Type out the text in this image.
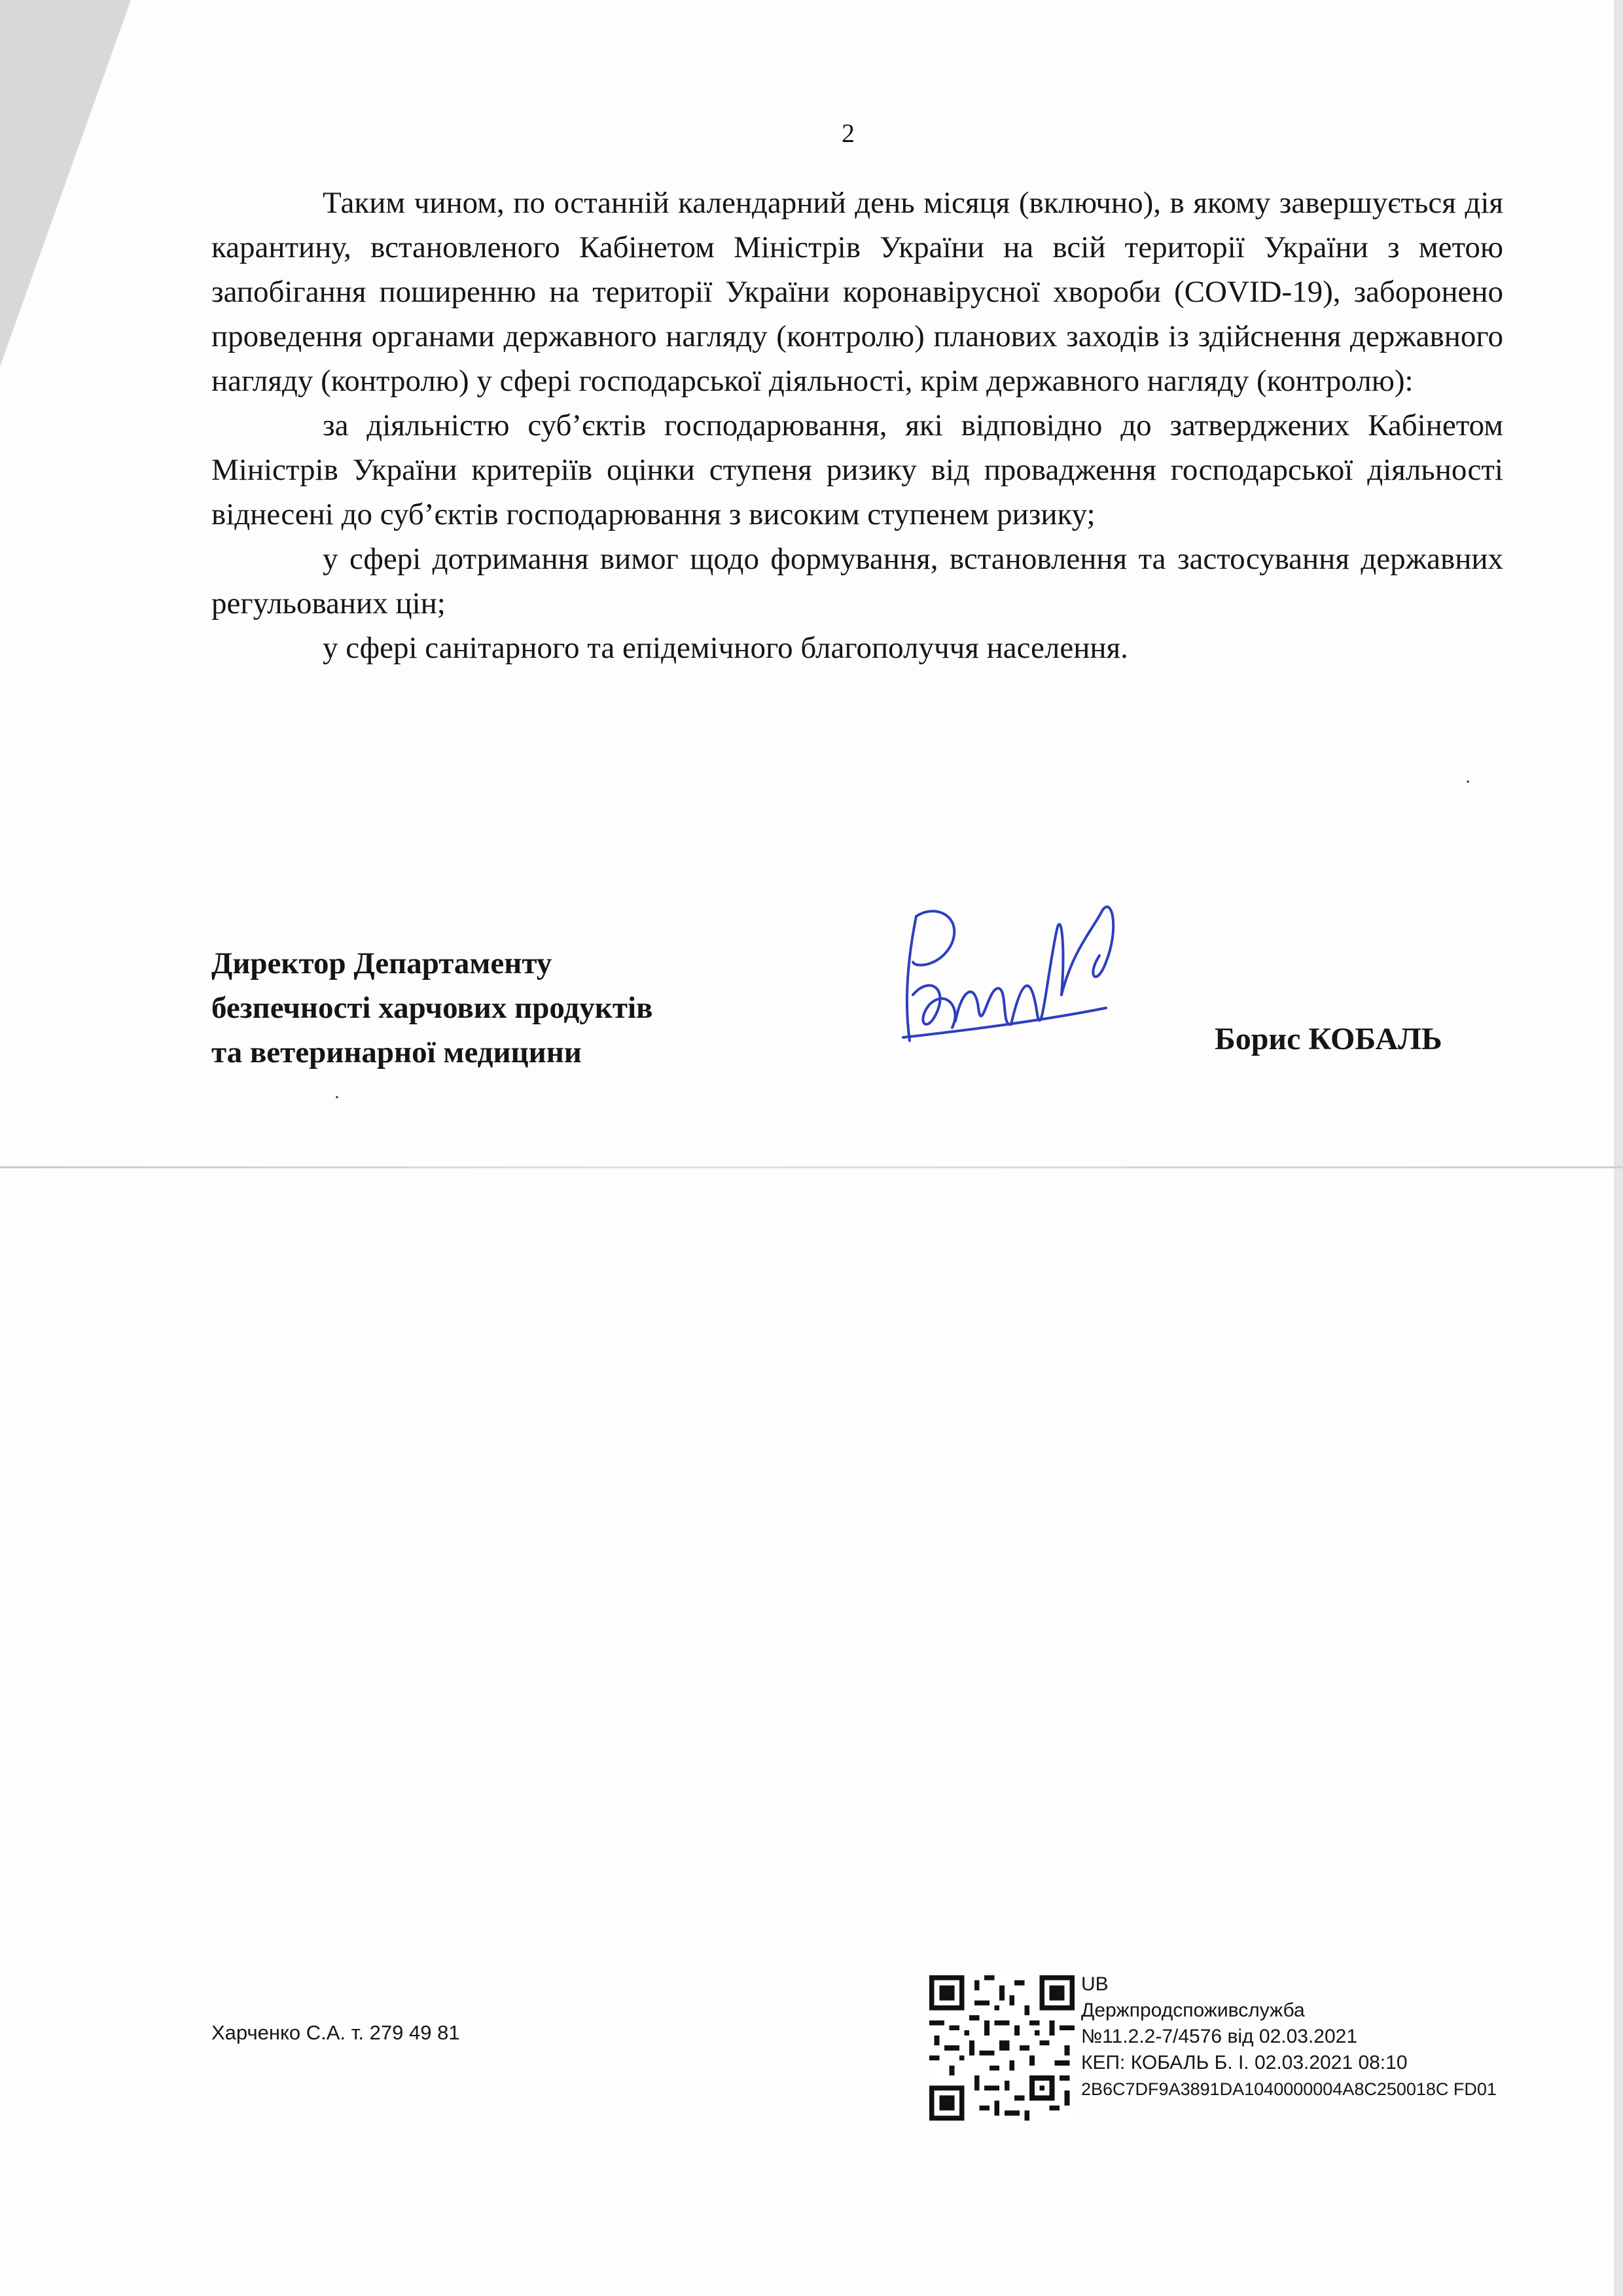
2

Таким чином, по останній календарний день місяця (включно), в якому завершується дія карантину, встановленого Кабінетом Міністрів України на всій території України з метою запобігання поширенню на території України коронавірусної хвороби (COVID-19), заборонено проведення органами державного нагляду (контролю) планових заходів із здійснення державного нагляду (контролю) у сфері господарської діяльності, крім державного нагляду (контролю):

за діяльністю суб’єктів господарювання, які відповідно до затверджених Кабінетом Міністрів України критеріїв оцінки ступеня ризику від провадження господарської діяльності віднесені до суб’єктів господарювання з високим ступенем ризику;

у сфері дотримання вимог щодо формування, встановлення та застосування державних регульованих цін;

у сфері санітарного та епідемічного благополуччя населення.

Директор Департаменту
безпечності харчових продуктів
та ветеринарної медицини	Борис КОБАЛЬ
·
·
Харченко С.А. т. 279 49 81
UB
Держпродспоживслужба
№11.2.2-7/4576 від 02.03.2021
КЕП: КОБАЛЬ Б. І. 02.03.2021 08:10
2B6C7DF9A3891DA1040000004A8C250018C FD01
